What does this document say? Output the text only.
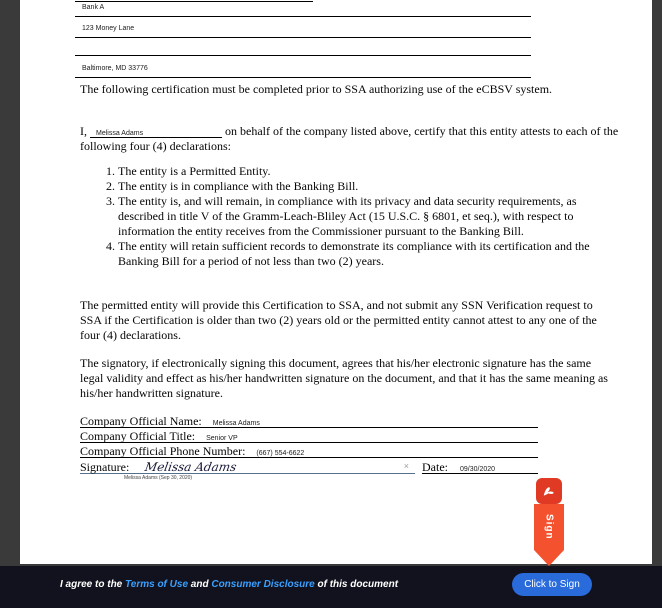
Bank A
123 Money Lane
Baltimore, MD 33776
The following certification must be completed prior to SSA authorizing use of the eCBSV system.
I, Melissa Adams	on behalf of the company listed above, certify that this entity attests to each of the following four (4) declarations:
1. The entity is a Permitted Entity.
2. The entity is in compliance with the Banking Bill.
3. The entity is, and will remain, in compliance with its privacy and data security requirements, as described in title V of the Gramm-Leach-Bliley Act (15 U.S.C. § 6801, et seq.), with respect to information the entity receives from the Commissioner pursuant to the Banking Bill.
4. The entity will retain sufficient records to demonstrate its compliance with its certification and the Banking Bill for a period of not less than two (2) years.
The permitted entity will provide this Certification to SSA, and not submit any SSN Verification request to SSA if the Certification is older than two (2) years old or the permitted entity cannot attest to any one of the four (4) declarations.
The signatory, if electronically signing this document, agrees that his/her electronic signature has the same legal validity and effect as his/her handwritten signature on the document, and that it has the same meaning as his/her handwritten signature.
Company Official Name: Melissa Adams
Company Official Title: Senior VP
Company Official Phone Number: (667) 554-6622
Signature: Melissa Adams	× Date: 09/30/2020
Melissa Adams (Sep 30, 2020)
Sign
I agree to the Terms of Use and Consumer Disclosure of this document	Click to Sign
